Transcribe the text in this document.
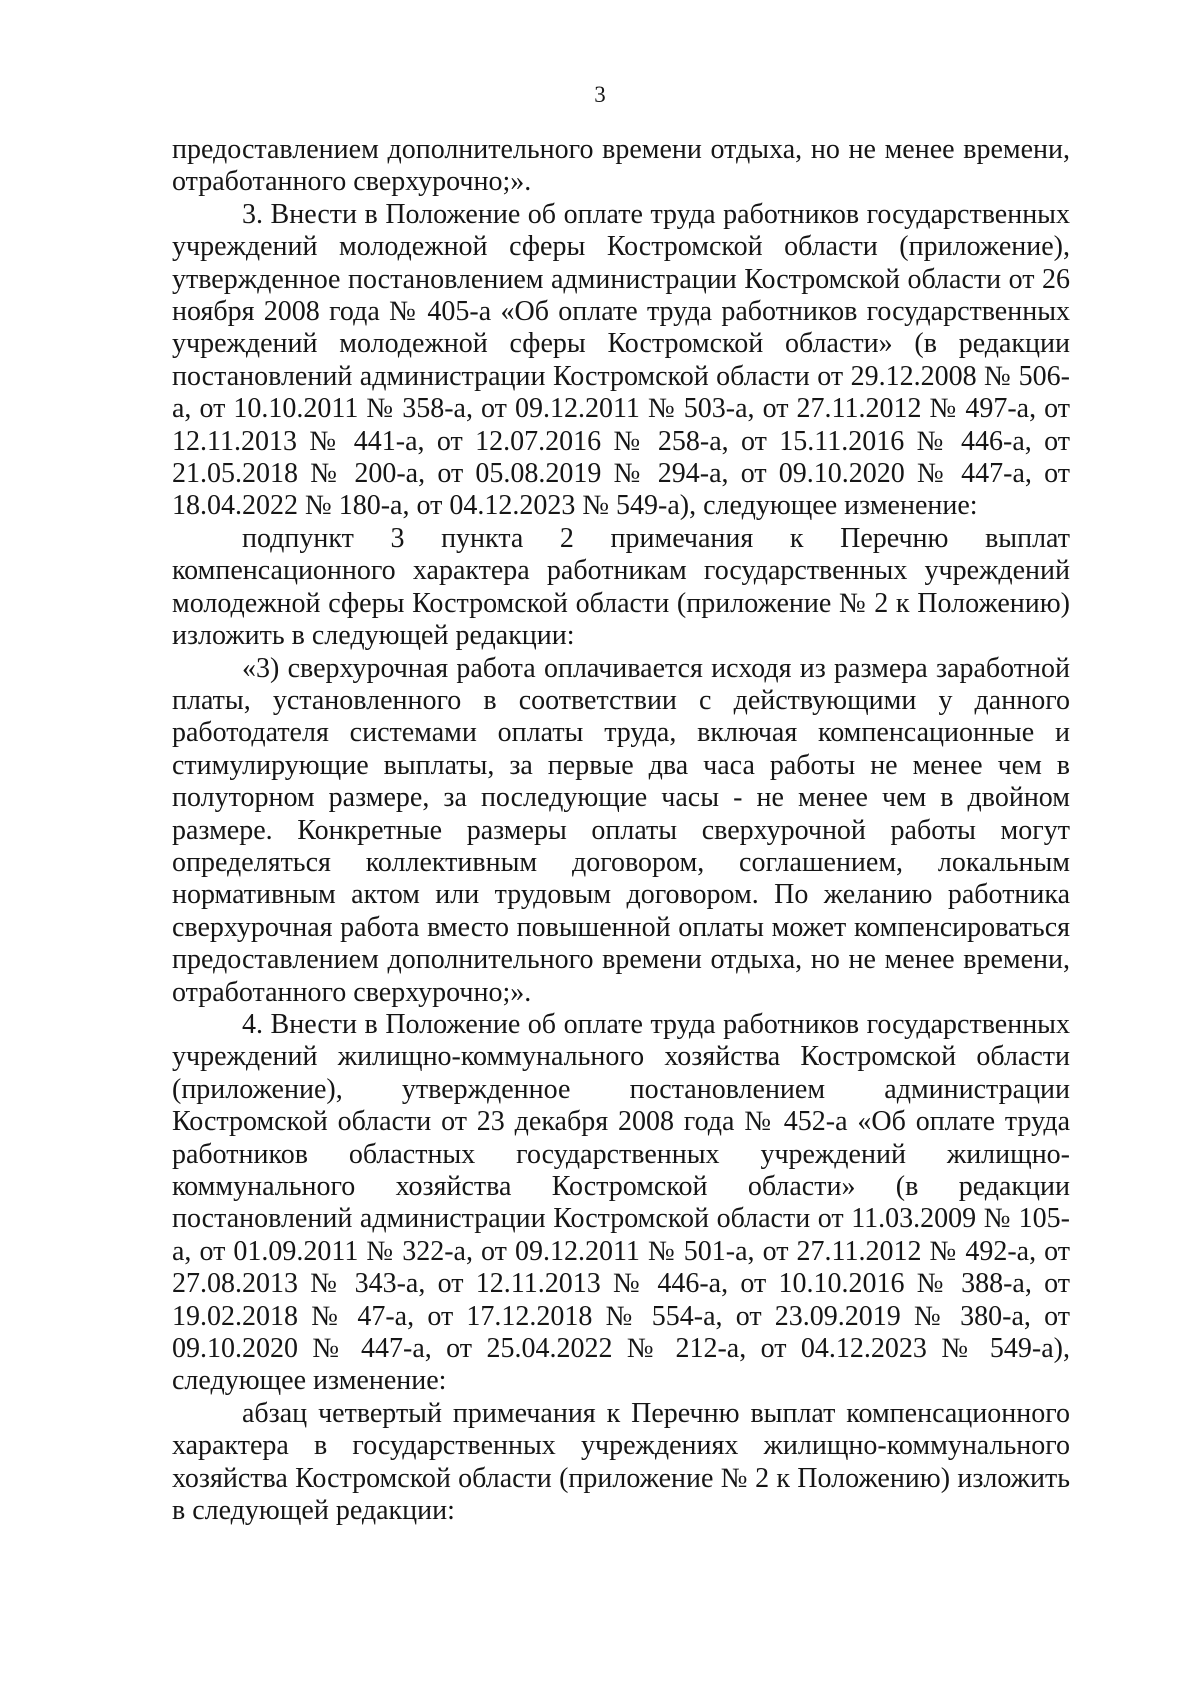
3

предоставлением дополнительного времени отдыха, но не менее времени, отработанного сверхурочно;».

3. Внести в Положение об оплате труда работников государственных учреждений молодежной сферы Костромской области (приложение), утвержденное постановлением администрации Костромской области от 26 ноября 2008 года № 405-а «Об оплате труда работников государственных учреждений молодежной сферы Костромской области» (в редакции постановлений администрации Костромской области от 29.12.2008 № 506-а, от 10.10.2011 № 358-а, от 09.12.2011 № 503-а, от 27.11.2012 № 497-а, от 12.11.2013 № 441-а, от 12.07.2016 № 258-а, от 15.11.2016 № 446-а, от 21.05.2018 № 200-а, от 05.08.2019 № 294-а, от 09.10.2020 № 447-а, от 18.04.2022 № 180-а, от 04.12.2023 № 549-а), следующее изменение:

подпункт 3 пункта 2 примечания к Перечню выплат компенсационного характера работникам государственных учреждений молодежной сферы Костромской области (приложение № 2 к Положению) изложить в следующей редакции:

«3) сверхурочная работа оплачивается исходя из размера заработной платы, установленного в соответствии с действующими у данного работодателя системами оплаты труда, включая компенсационные и стимулирующие выплаты, за первые два часа работы не менее чем в полуторном размере, за последующие часы - не менее чем в двойном размере. Конкретные размеры оплаты сверхурочной работы могут определяться коллективным договором, соглашением, локальным нормативным актом или трудовым договором. По желанию работника сверхурочная работа вместо повышенной оплаты может компенсироваться предоставлением дополнительного времени отдыха, но не менее времени, отработанного сверхурочно;».

4. Внести в Положение об оплате труда работников государственных учреждений жилищно-коммунального хозяйства Костромской области (приложение), утвержденное постановлением администрации Костромской области от 23 декабря 2008 года № 452-а «Об оплате труда работников областных государственных учреждений жилищно-коммунального хозяйства Костромской области» (в редакции постановлений администрации Костромской области от 11.03.2009 № 105-а, от 01.09.2011 № 322-а, от 09.12.2011 № 501-а, от 27.11.2012 № 492-а, от 27.08.2013 № 343-а, от 12.11.2013 № 446-а, от 10.10.2016 № 388-а, от 19.02.2018 № 47-а, от 17.12.2018 № 554-а, от 23.09.2019 № 380-а, от 09.10.2020 № 447-а, от 25.04.2022 № 212-а, от 04.12.2023 № 549-а), следующее изменение:

абзац четвертый примечания к Перечню выплат компенсационного характера в государственных учреждениях жилищно-коммунального хозяйства Костромской области (приложение № 2 к Положению) изложить в следующей редакции:
